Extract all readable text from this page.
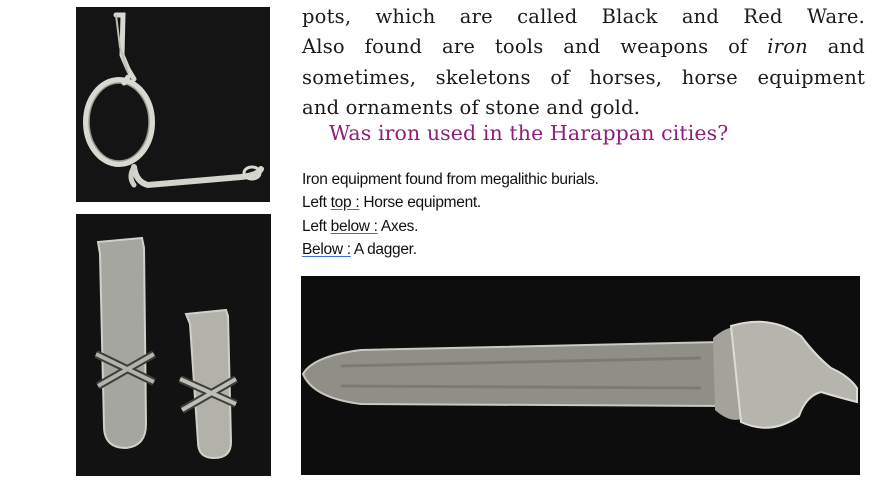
pots, which are called Black and Red Ware.
Also found are tools and weapons of iron and
sometimes, skeletons of horses, horse equipment
and ornaments of stone and gold.
Was iron used in the Harappan cities?
Iron equipment found from megalithic burials.
Left top : Horse equipment.
Left below : Axes.
Below : A dagger.
